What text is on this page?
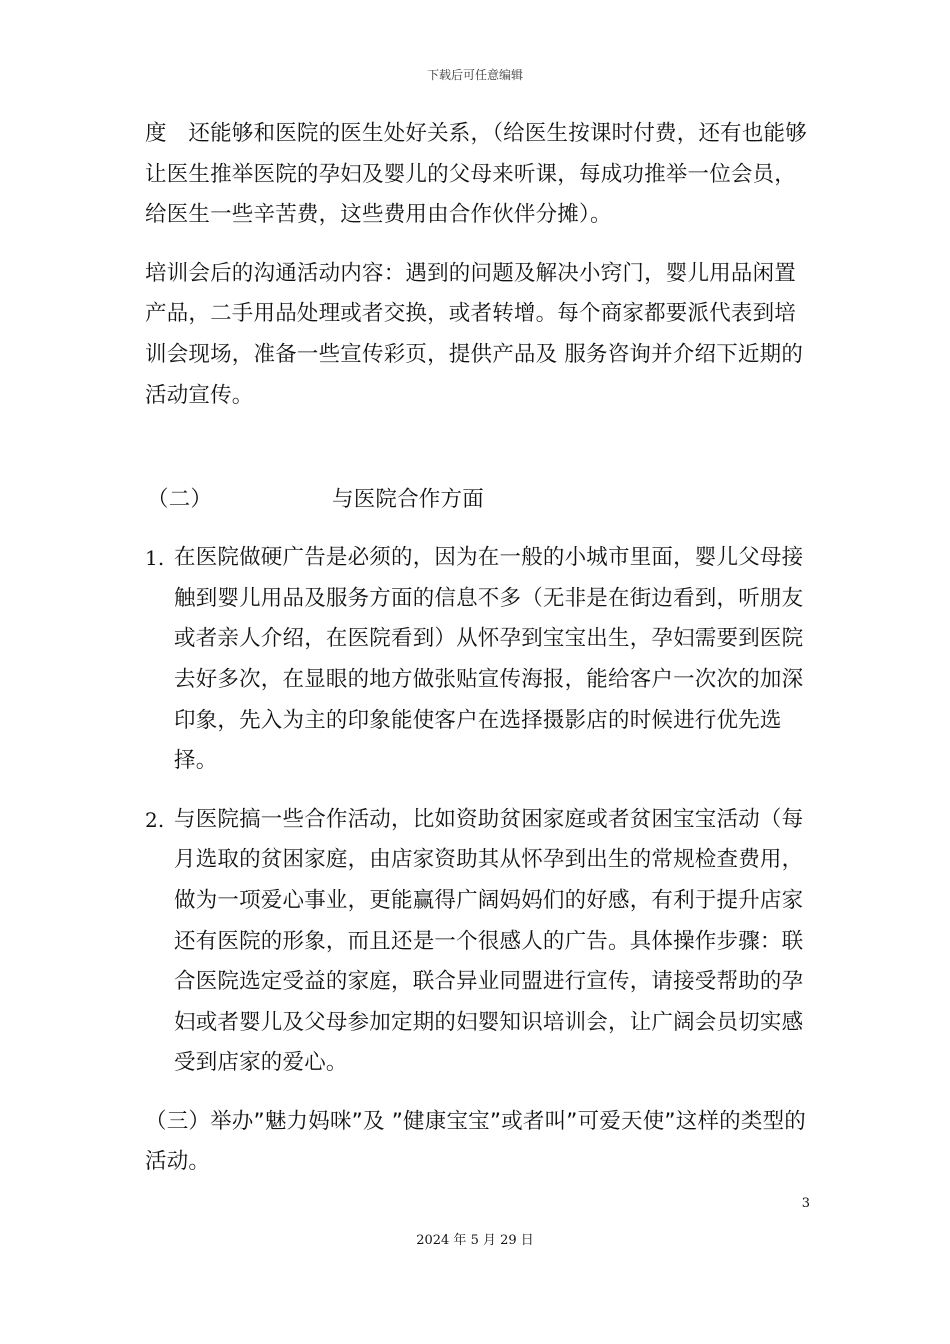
下载后可任意编辑

度　还能够和医院的医生处好关系，（给医生按课时付费，还有也能够让医生推举医院的孕妇及婴儿的父母来听课，每成功推举一位会员，给医生一些辛苦费，这些费用由合作伙伴分摊）。

培训会后的沟通活动内容：遇到的问题及解决小窍门，婴儿用品闲置产品，二手用品处理或者交换，或者转增。每个商家都要派代表到培训会现场，准备一些宣传彩页，提供产品及 服务咨询并介绍下近期的活动宣传。

（二）	与医院合作方面

1. 在医院做硬广告是必须的，因为在一般的小城市里面，婴儿父母接触到婴儿用品及服务方面的信息不多（无非是在街边看到，听朋友或者亲人介绍，在医院看到）从怀孕到宝宝出生，孕妇需要到医院去好多次，在显眼的地方做张贴宣传海报，能给客户一次次的加深印象，先入为主的印象能使客户在选择摄影店的时候进行优先选择。
2. 与医院搞一些合作活动，比如资助贫困家庭或者贫困宝宝活动（每月选取的贫困家庭，由店家资助其从怀孕到出生的常规检查费用，做为一项爱心事业，更能赢得广阔妈妈们的好感，有利于提升店家还有医院的形象，而且还是一个很感人的广告。具体操作步骤：联合医院选定受益的家庭，联合异业同盟进行宣传，请接受帮助的孕妇或者婴儿及父母参加定期的妇婴知识培训会，让广阔会员切实感受到店家的爱心。

（三）举办”魅力妈咪”及 ”健康宝宝”或者叫”可爱天使”这样的类型的活动。

3
2024 年 5 月 29 日
